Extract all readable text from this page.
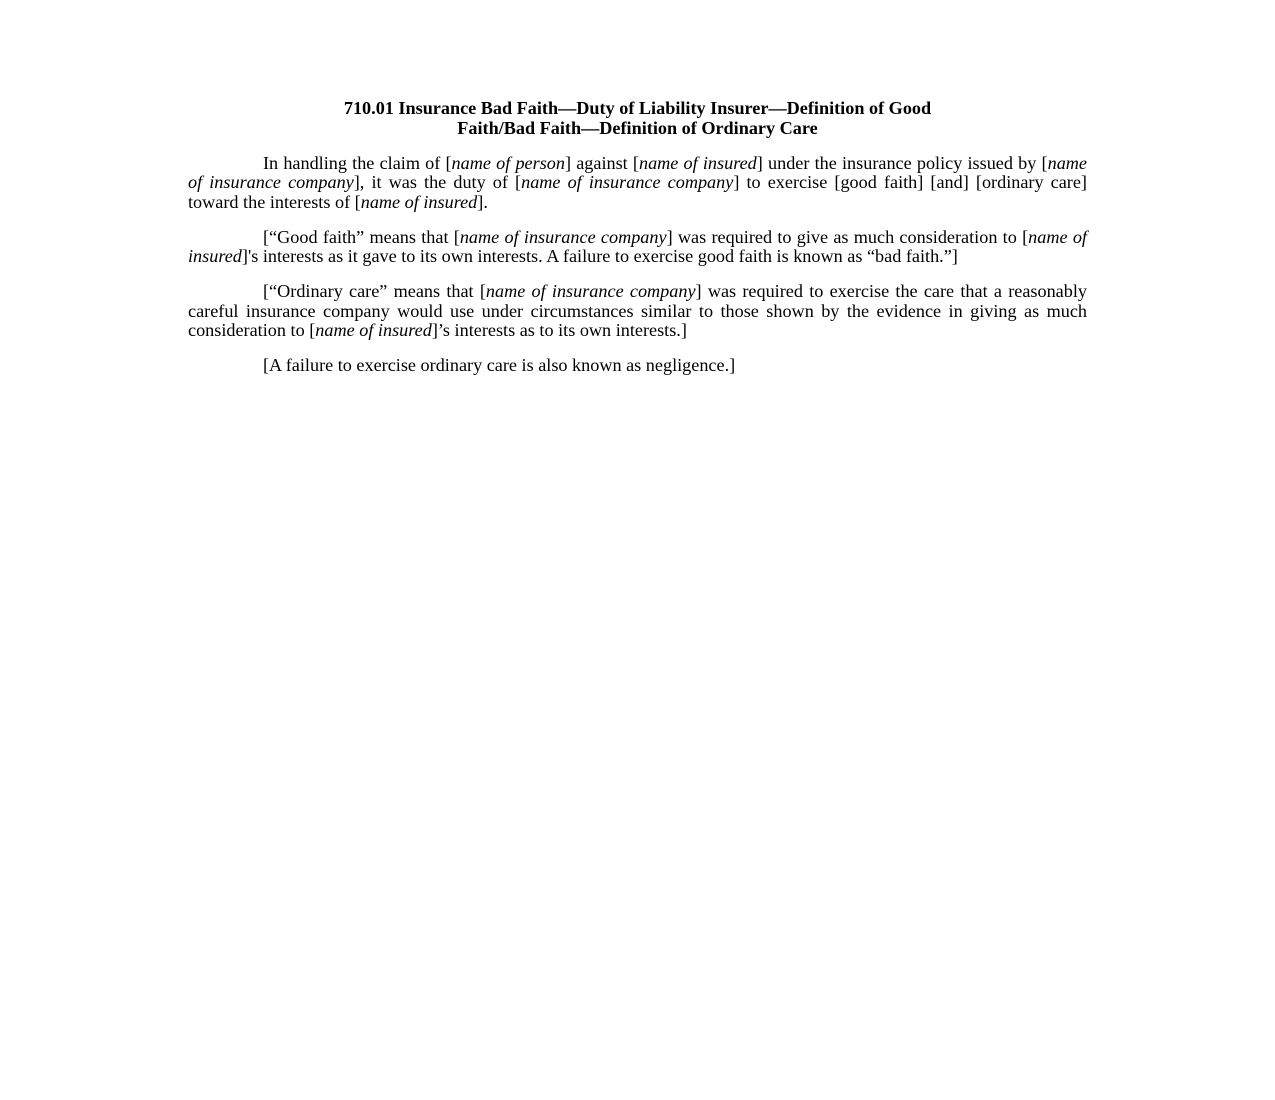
710.01 Insurance Bad Faith—Duty of Liability Insurer—Definition of Good
Faith/Bad Faith—Definition of Ordinary Care

In handling the claim of [name of person] against [name of insured] under the insurance policy issued by [name of insurance company], it was the duty of [name of insurance company] to exercise [good faith] [and] [ordinary care] toward the interests of [name of insured].

[“Good faith” means that [name of insurance company] was required to give as much consideration to [name of insured]'s interests as it gave to its own interests. A failure to exercise good faith is known as “bad faith.”]

[“Ordinary care” means that [name of insurance company] was required to exercise the care that a reasonably careful insurance company would use under circumstances similar to those shown by the evidence in giving as much consideration to [name of insured]’s interests as to its own interests.]

[A failure to exercise ordinary care is also known as negligence.]
